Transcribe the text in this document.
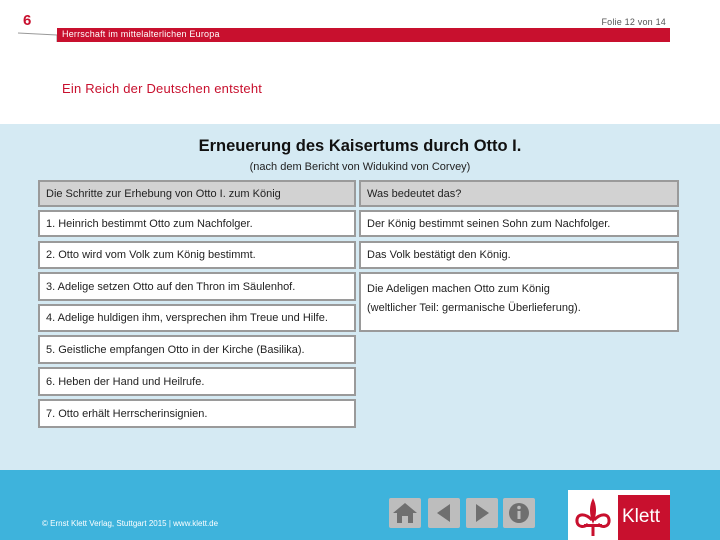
6	Folie 12 von 14
Herrschaft im mittelalterlichen Europa
Ein Reich der Deutschen entsteht
Erneuerung des Kaisertums durch Otto I.
(nach dem Bericht von Widukind von Corvey)
Die Schritte zur Erhebung von Otto I. zum König	Was bedeutet das?
1. Heinrich bestimmt Otto zum Nachfolger.	Der König bestimmt seinen Sohn zum Nachfolger.
2. Otto wird vom Volk zum König bestimmt.	Das Volk bestätigt den König.
3. Adelige setzen Otto auf den Thron im Säulenhof.	Die Adeligen machen Otto zum König
(weltlicher Teil: germanische Überlieferung).
4. Adelige huldigen ihm, versprechen ihm Treue und Hilfe.
5. Geistliche empfangen Otto in der Kirche (Basilika).
6. Heben der Hand und Heilrufe.
7. Otto erhält Herrscherinsignien.
© Ernst Klett Verlag, Stuttgart 2015 | www.klett.de	Klett
